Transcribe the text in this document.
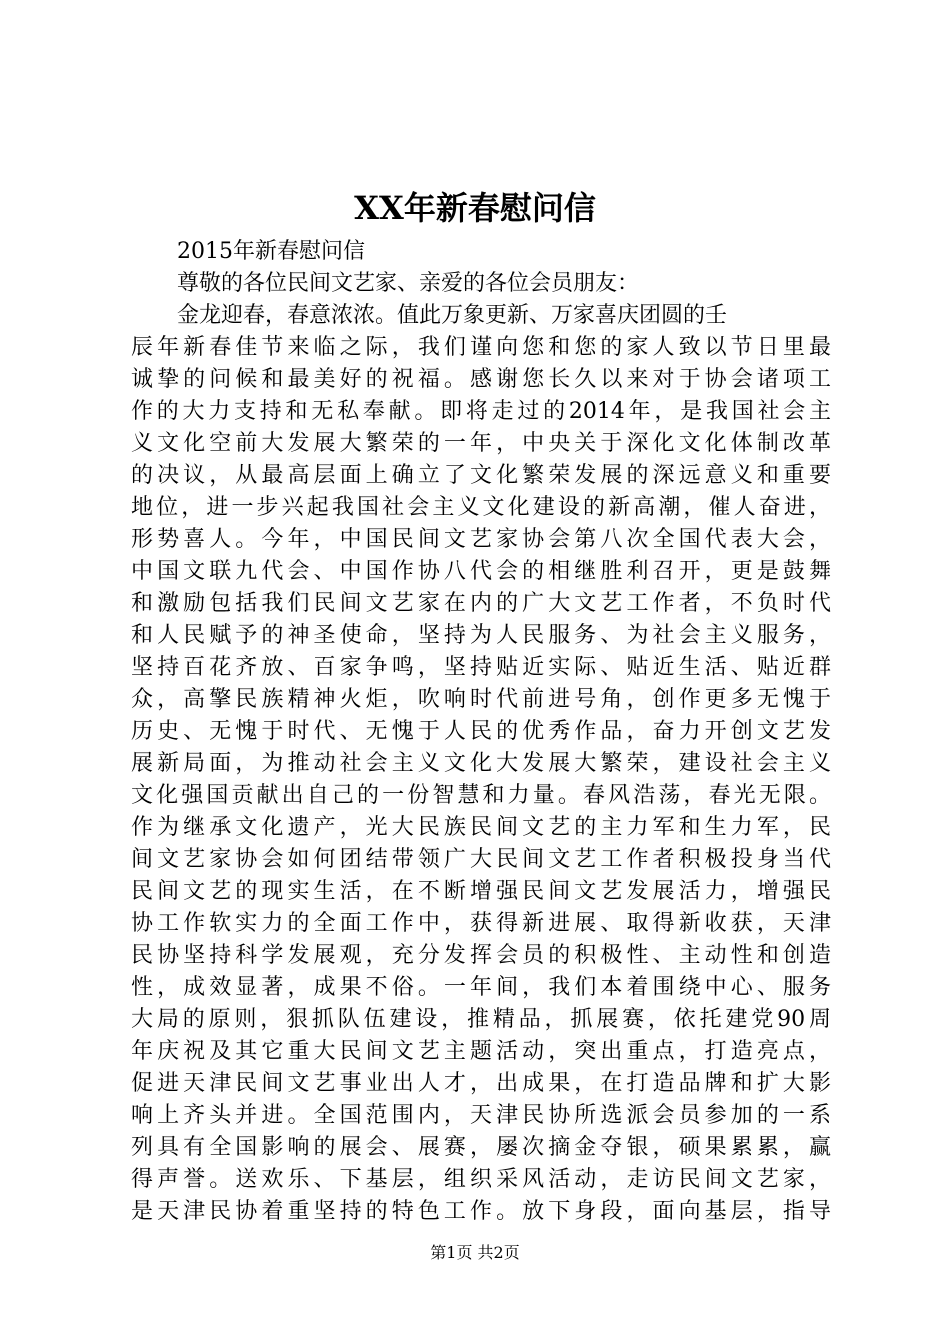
XX年新春慰问信
2015年新春慰问信
尊敬的各位民间文艺家、亲爱的各位会员朋友：
金龙迎春，春意浓浓。值此万象更新、万家喜庆团圆的壬
辰年新春佳节来临之际，我们谨向您和您的家人致以节日里最
诚挚的问候和最美好的祝福。感谢您长久以来对于协会诸项工
作的大力支持和无私奉献。即将走过的2014年，是我国社会主
义文化空前大发展大繁荣的一年，中央关于深化文化体制改革
的决议，从最高层面上确立了文化繁荣发展的深远意义和重要
地位，进一步兴起我国社会主义文化建设的新高潮，催人奋进，
形势喜人。今年，中国民间文艺家协会第八次全国代表大会，
中国文联九代会、中国作协八代会的相继胜利召开，更是鼓舞
和激励包括我们民间文艺家在内的广大文艺工作者，不负时代
和人民赋予的神圣使命，坚持为人民服务、为社会主义服务，
坚持百花齐放、百家争鸣，坚持贴近实际、贴近生活、贴近群
众，高擎民族精神火炬，吹响时代前进号角，创作更多无愧于
历史、无愧于时代、无愧于人民的优秀作品，奋力开创文艺发
展新局面，为推动社会主义文化大发展大繁荣，建设社会主义
文化强国贡献出自己的一份智慧和力量。春风浩荡，春光无限。
作为继承文化遗产，光大民族民间文艺的主力军和生力军，民
间文艺家协会如何团结带领广大民间文艺工作者积极投身当代
民间文艺的现实生活，在不断增强民间文艺发展活力，增强民
协工作软实力的全面工作中，获得新进展、取得新收获，天津
民协坚持科学发展观，充分发挥会员的积极性、主动性和创造
性，成效显著，成果不俗。一年间，我们本着围绕中心、服务
大局的原则，狠抓队伍建设，推精品，抓展赛，依托建党90周
年庆祝及其它重大民间文艺主题活动，突出重点，打造亮点，
促进天津民间文艺事业出人才，出成果，在打造品牌和扩大影
响上齐头并进。全国范围内，天津民协所选派会员参加的一系
列具有全国影响的展会、展赛，屡次摘金夺银，硕果累累，赢
得声誉。送欢乐、下基层，组织采风活动，走访民间文艺家，
是天津民协着重坚持的特色工作。放下身段，面向基层，指导
第1页 共2页
